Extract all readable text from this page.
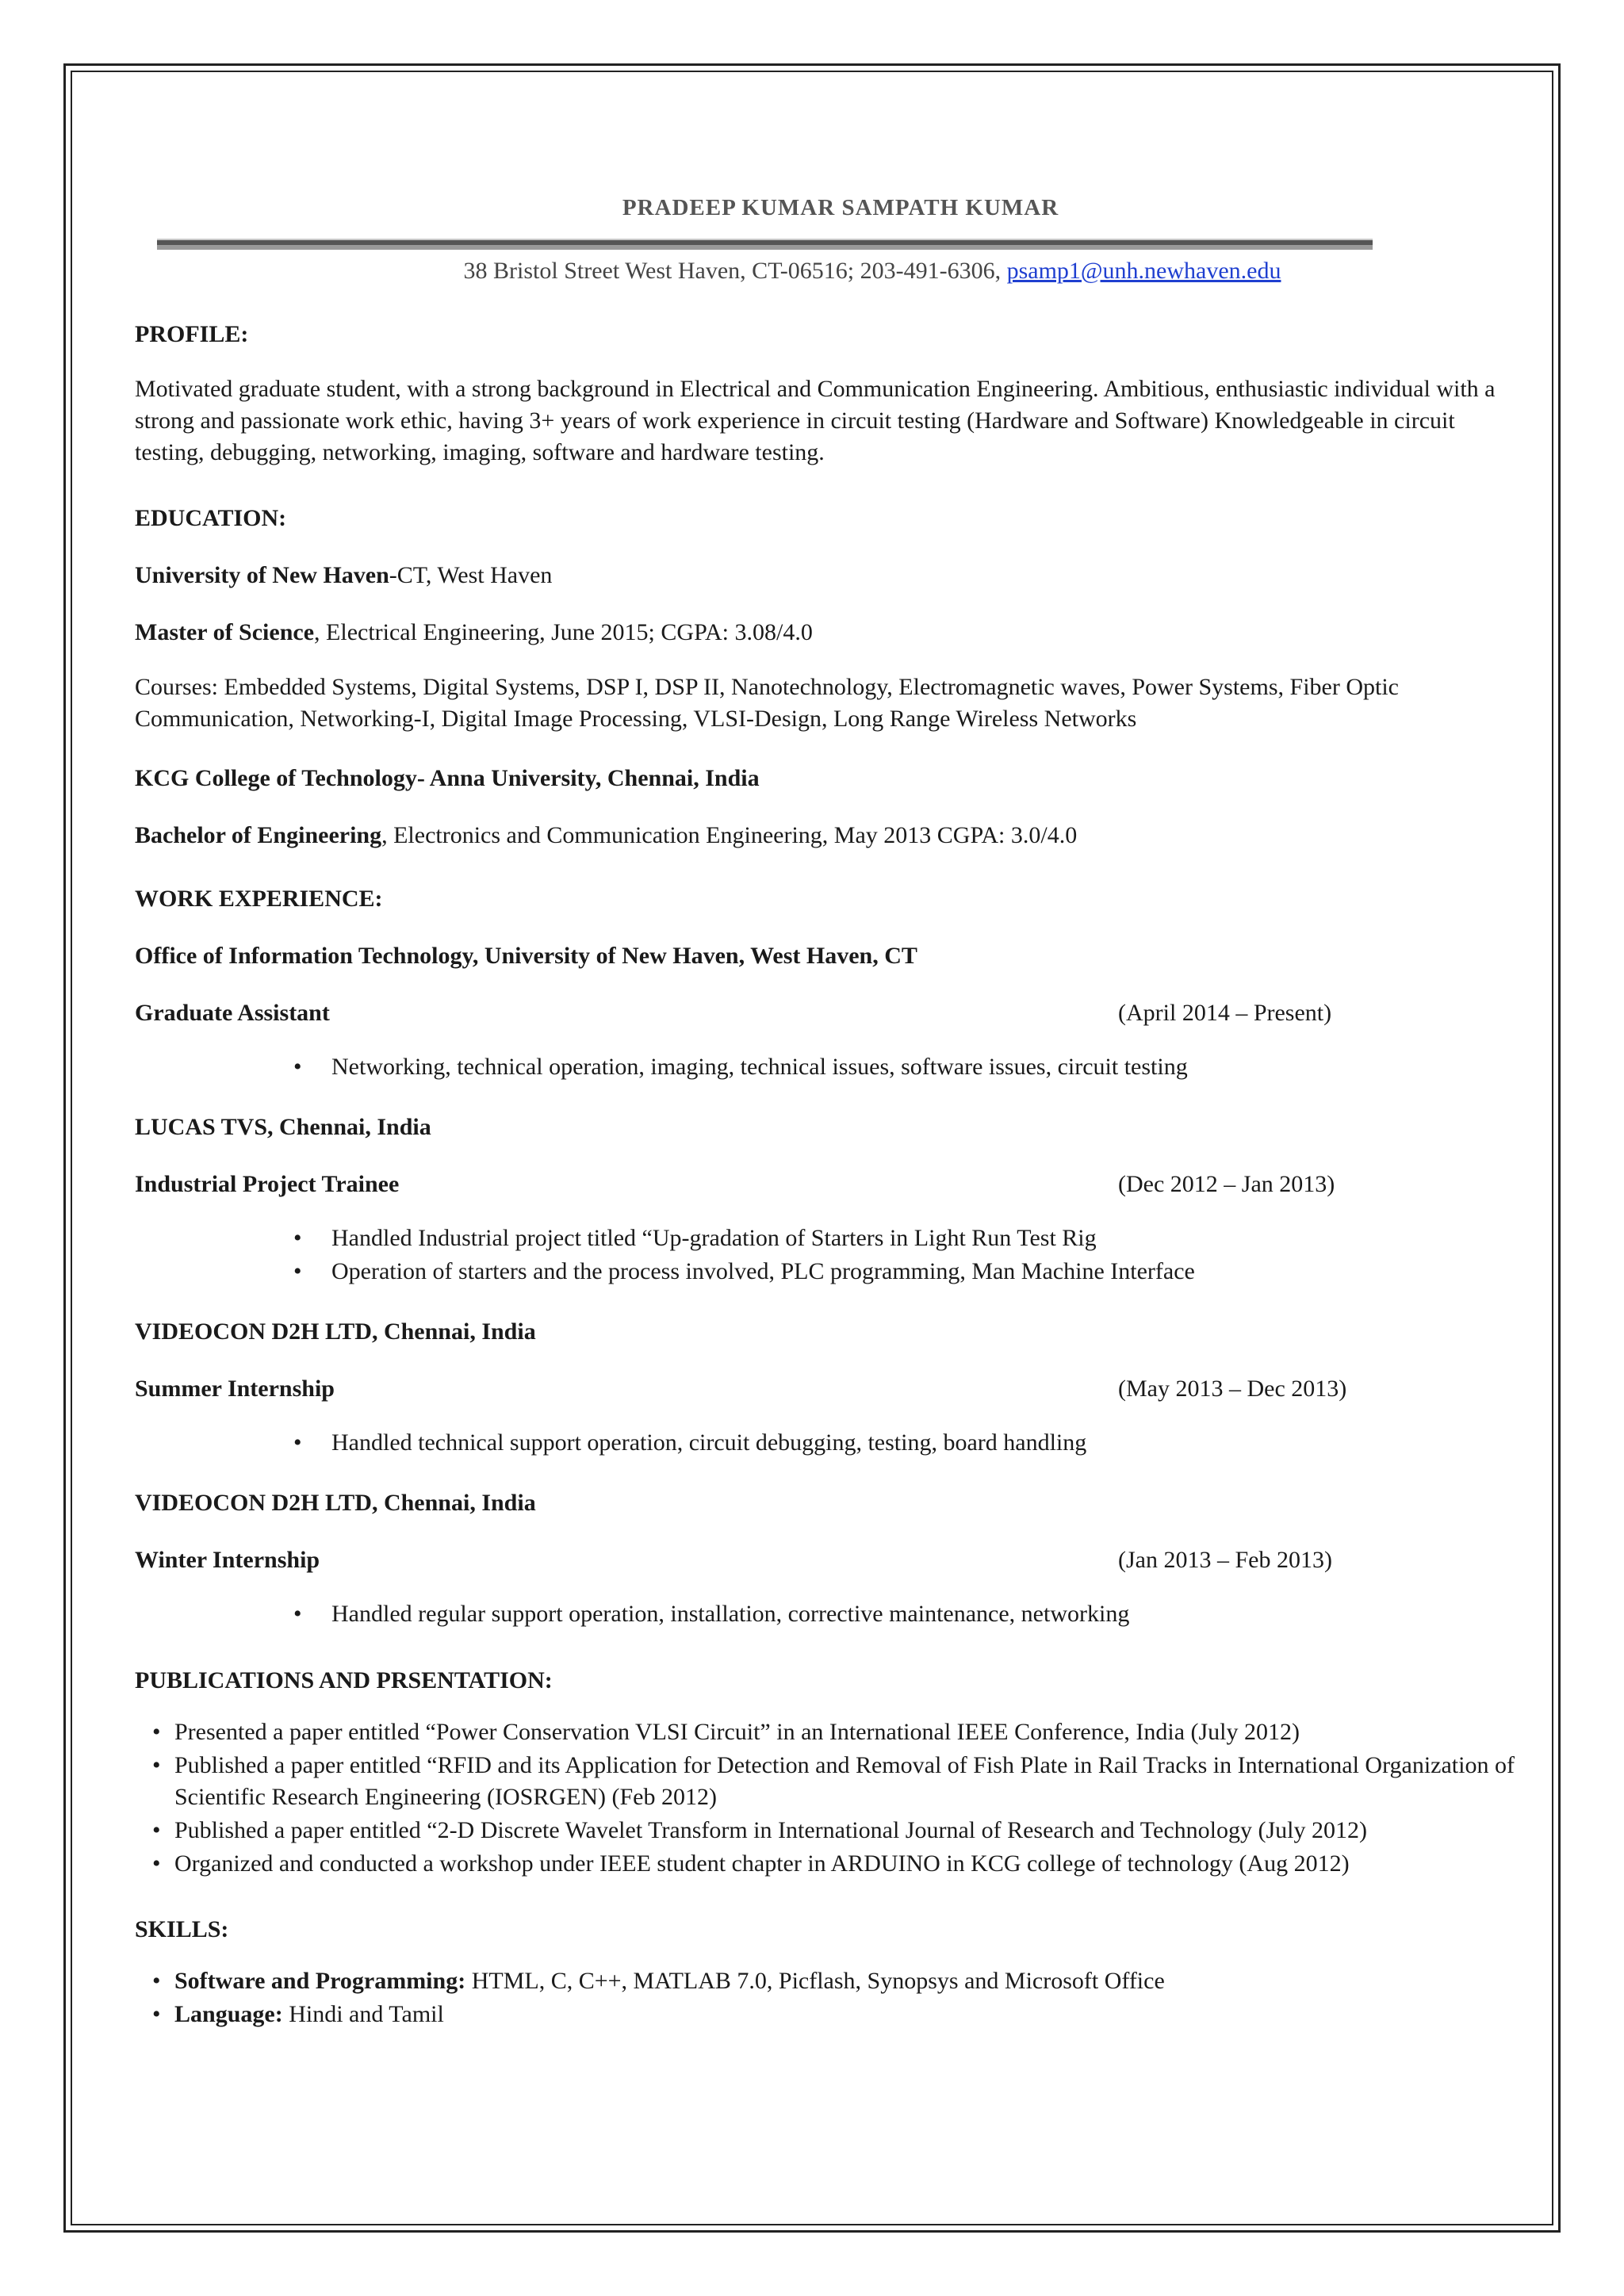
PRADEEP KUMAR SAMPATH KUMAR
38 Bristol Street West Haven, CT-06516; 203-491-6306, psamp1@unh.newhaven.edu
PROFILE:
Motivated graduate student, with a strong background in Electrical and Communication Engineering. Ambitious, enthusiastic individual with a strong and passionate work ethic, having 3+ years of work experience in circuit testing (Hardware and Software) Knowledgeable in circuit testing, debugging, networking, imaging, software and hardware testing.
EDUCATION:
University of New Haven-CT, West Haven
Master of Science, Electrical Engineering, June 2015; CGPA: 3.08/4.0
Courses: Embedded Systems, Digital Systems, DSP I, DSP II, Nanotechnology, Electromagnetic waves, Power Systems, Fiber Optic Communication, Networking-I, Digital Image Processing, VLSI-Design, Long Range Wireless Networks
KCG College of Technology- Anna University, Chennai, India
Bachelor of Engineering, Electronics and Communication Engineering, May 2013 CGPA: 3.0/4.0
WORK EXPERIENCE:
Office of Information Technology, University of New Haven, West Haven, CT
Graduate Assistant	(April 2014 – Present)
• Networking, technical operation, imaging, technical issues, software issues, circuit testing
LUCAS TVS, Chennai, India
Industrial Project Trainee	(Dec 2012 – Jan 2013)
• Handled Industrial project titled “Up-gradation of Starters in Light Run Test Rig
• Operation of starters and the process involved, PLC programming, Man Machine Interface
VIDEOCON D2H LTD, Chennai, India
Summer Internship	(May 2013 – Dec 2013)
• Handled technical support operation, circuit debugging, testing, board handling
VIDEOCON D2H LTD, Chennai, India
Winter Internship	(Jan 2013 – Feb 2013)
• Handled regular support operation, installation, corrective maintenance, networking
PUBLICATIONS AND PRSENTATION:
• Presented a paper entitled “Power Conservation VLSI Circuit” in an International IEEE Conference, India (July 2012)
• Published a paper entitled “RFID and its Application for Detection and Removal of Fish Plate in Rail Tracks in International Organization of Scientific Research Engineering (IOSRGEN) (Feb 2012)
• Published a paper entitled “2-D Discrete Wavelet Transform in International Journal of Research and Technology (July 2012)
• Organized and conducted a workshop under IEEE student chapter in ARDUINO in KCG college of technology (Aug 2012)
SKILLS:
• Software and Programming: HTML, C, C++, MATLAB 7.0, Picflash, Synopsys and Microsoft Office
• Language: Hindi and Tamil
